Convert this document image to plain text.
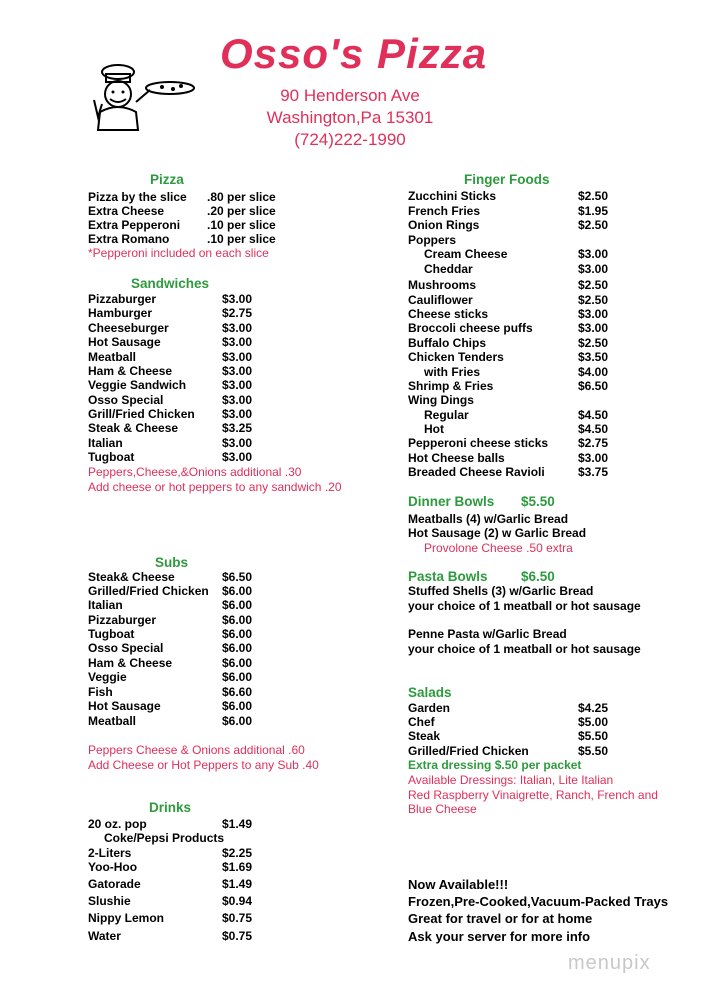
Osso's Pizza
90 Henderson Ave
Washington,Pa 15301
(724)222-1990
Pizza
Pizza by the slice .80 per slice
Extra Cheese	.20 per slice
Extra Pepperoni .10 per slice
Extra Romano	.10 per slice
*Pepperoni included on each slice
Sandwiches
Pizzaburger	$3.00
Hamburger	$2.75
Cheeseburger	$3.00
Hot Sausage	$3.00
Meatball	$3.00
Ham & Cheese	$3.00
Veggie Sandwich	$3.00
Osso Special	$3.00
Grill/Fried Chicken $3.00
Steak & Cheese	$3.25
Italian	$3.00
Tugboat	$3.00
Peppers,Cheese,&Onions additional .30
Add cheese or hot peppers to any sandwich .20
Subs
Steak& Cheese	$6.50
Grilled/Fried Chicken $6.00
Italian	$6.00
Pizzaburger	$6.00
Tugboat	$6.00
Osso Special	$6.00
Ham & Cheese	$6.00
Veggie	$6.00
Fish	$6.60
Hot Sausage	$6.00
Meatball	$6.00
Peppers Cheese & Onions additional .60
Add Cheese or Hot Peppers to any Sub .40
Drinks
20 oz. pop	$1.49
Coke/Pepsi Products
2-Liters	$2.25
Yoo-Hoo	$1.69
Gatorade	$1.49
Slushie	$0.94
Nippy Lemon	$0.75
Water	$0.75
Finger Foods
Zucchini Sticks	$2.50
French Fries	$1.95
Onion Rings	$2.50
Poppers
Cream Cheese	$3.00
Cheddar	$3.00
Mushrooms	$2.50
Cauliflower	$2.50
Cheese sticks	$3.00
Broccoli cheese puffs	$3.00
Buffalo Chips	$2.50
Chicken Tenders	$3.50
with Fries	$4.00
Shrimp & Fries	$6.50
Wing Dings
Regular	$4.50
Hot	$4.50
Pepperoni cheese sticks $2.75
Hot Cheese balls	$3.00
Breaded Cheese Ravioli	$3.75
Dinner Bowls $5.50
Meatballs (4) w/Garlic Bread
Hot Sausage (2) w Garlic Bread
Provolone Cheese .50 extra
Pasta Bowls $6.50
Stuffed Shells (3) w/Garlic Bread
your choice of 1 meatball or hot sausage
Penne Pasta w/Garlic Bread
your choice of 1 meatball or hot sausage
Salads
Garden	$4.25
Chef	$5.00
Steak	$5.50
Grilled/Fried Chicken	$5.50
Extra dressing $.50 per packet
Available Dressings: Italian, Lite Italian
Red Raspberry Vinaigrette, Ranch, French and
Blue Cheese
Now Available!!!
Frozen,Pre-Cooked,Vacuum-Packed Trays
Great for travel or for at home
Ask your server for more info
menupix
